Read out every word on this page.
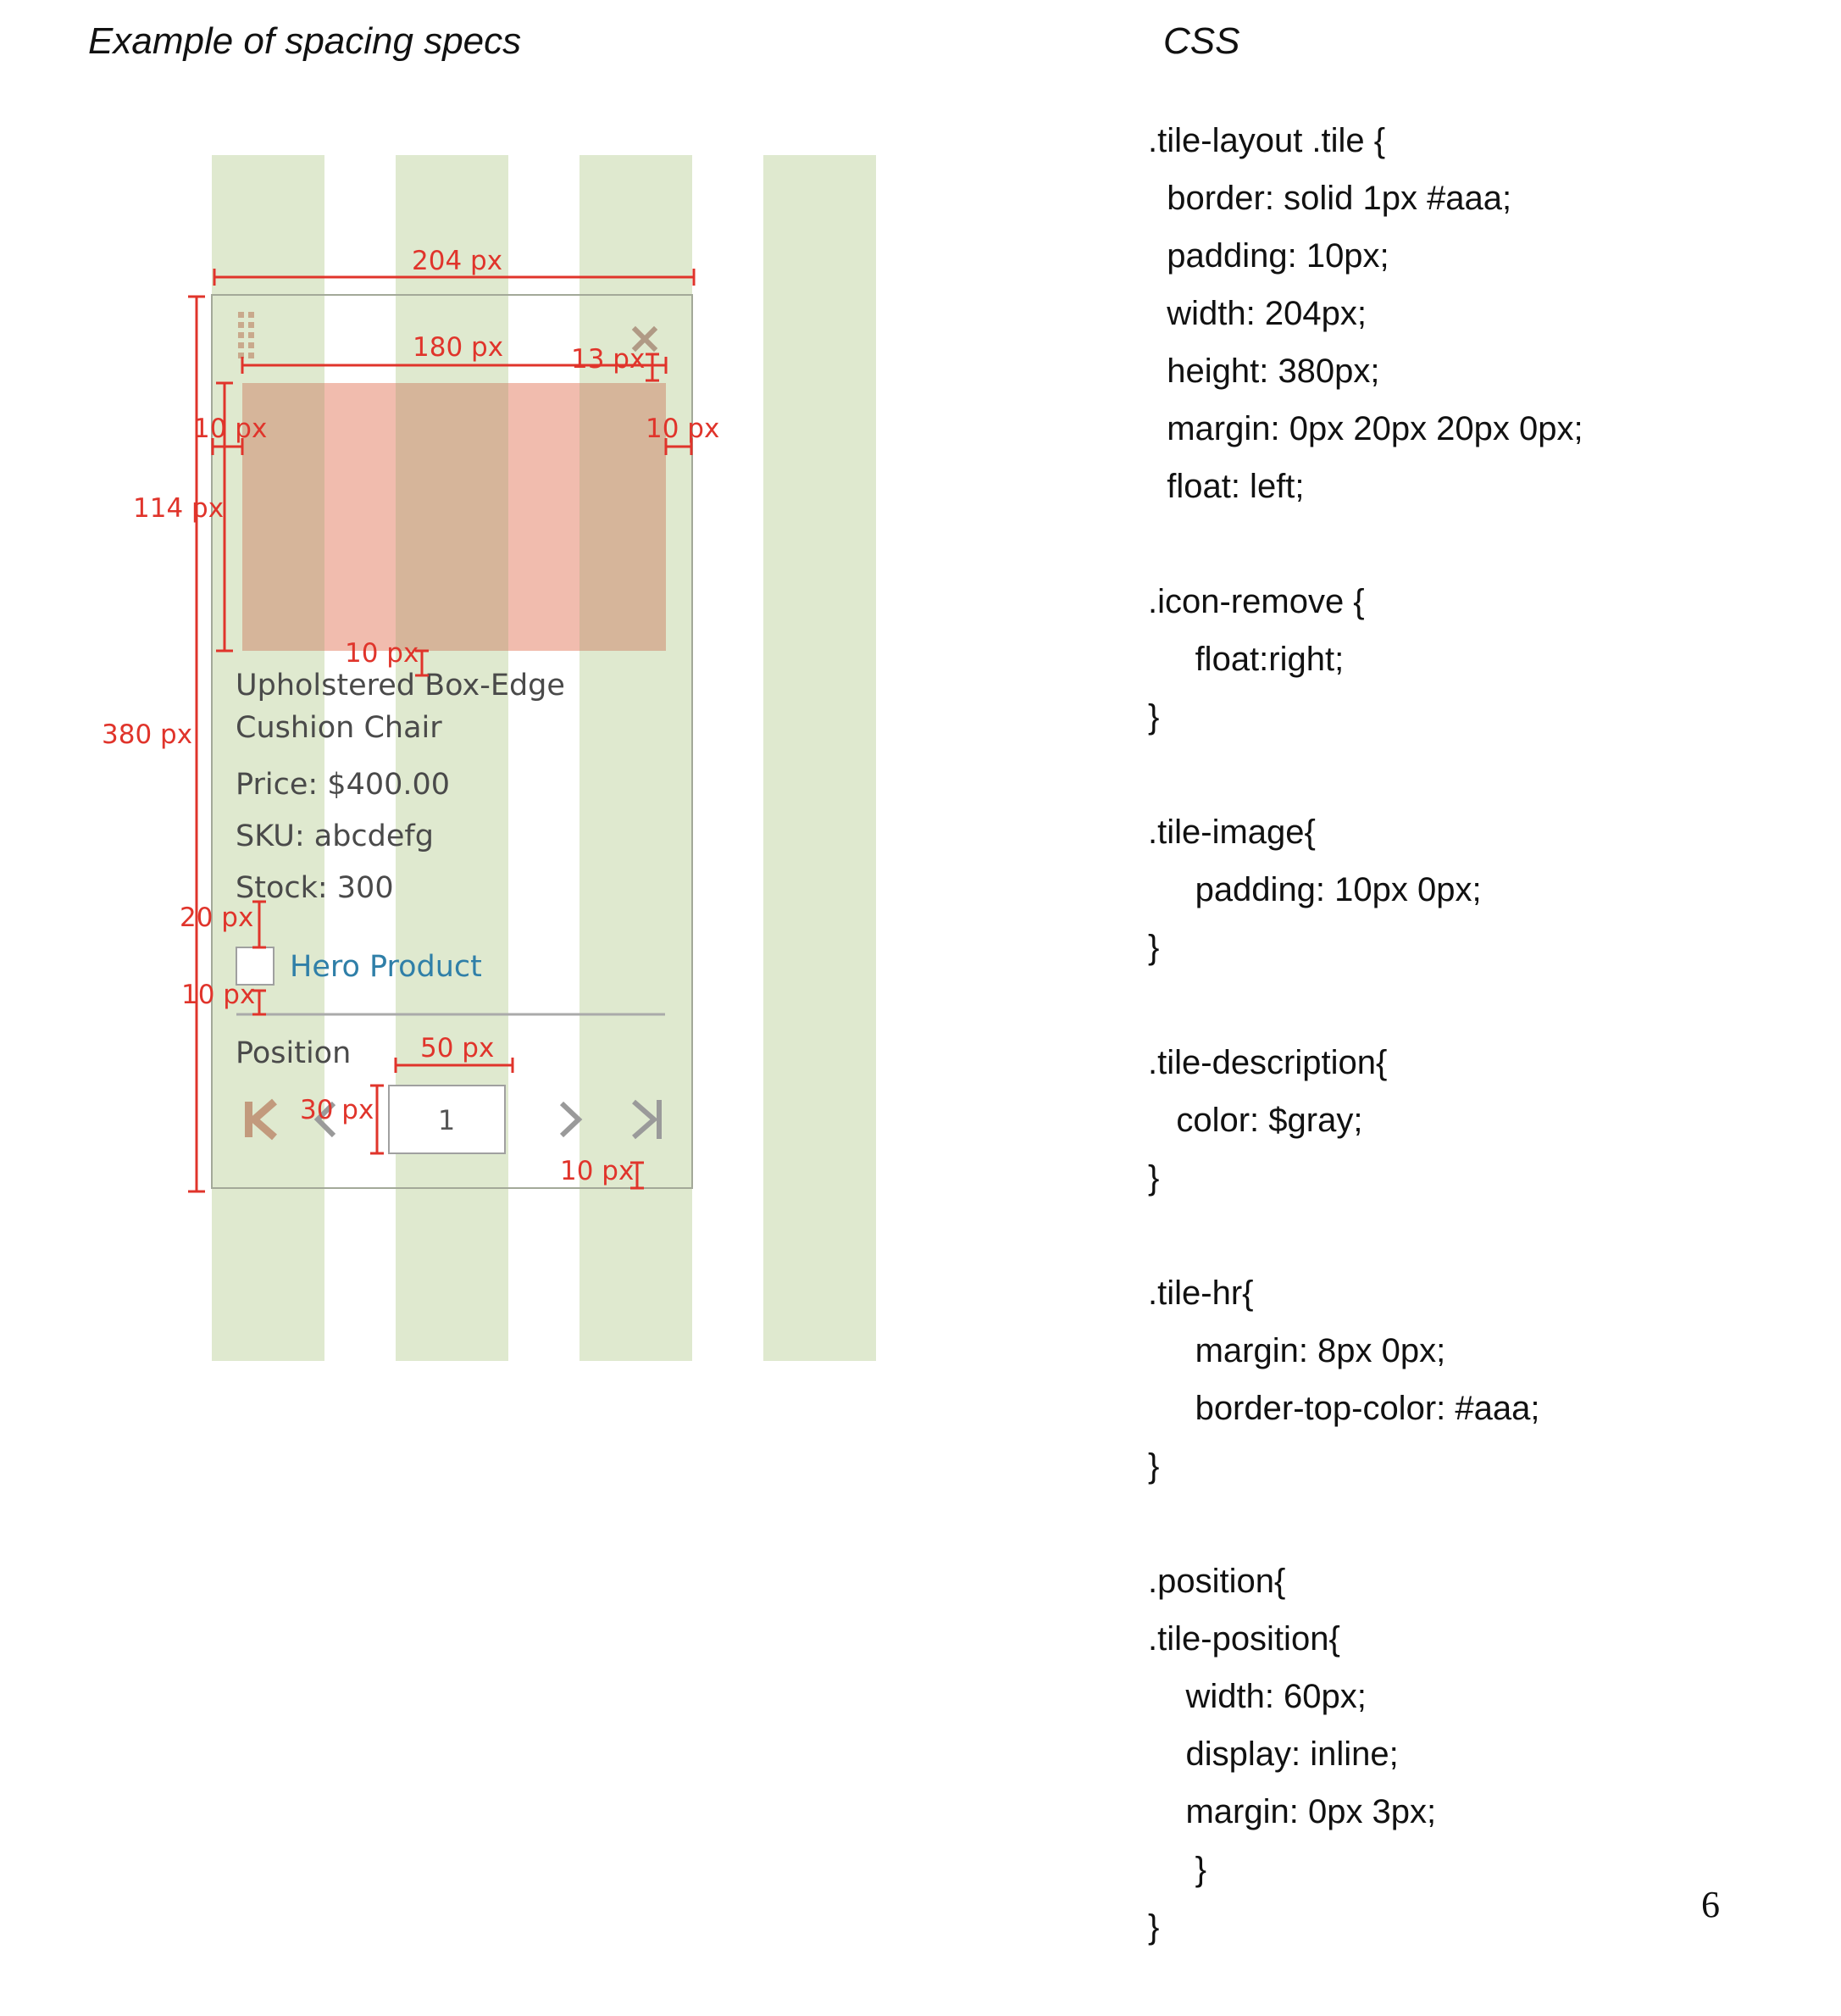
Example of spacing specs	CSS
Upholstered Box-Edge
Cushion Chair
Price: $400.00
SKU: abcdefg
Stock: 300
Hero Product
Position
1
204 px
180 px	13 px
10 px	10 px
114 px
380 px
10 px
20 px
10 px
50 px
30 px
10 px
.tile-layout .tile {
border: solid 1px #aaa;
padding: 10px;
width: 204px;
height: 380px;
margin: 0px 20px 20px 0px;
float: left;
.icon-remove {
float:right;
}
.tile-image{
padding: 10px 0px;
}
.tile-description{
color: $gray;
}
.tile-hr{
margin: 8px 0px;
border-top-color: #aaa;
}
.position{
.tile-position{
width: 60px;
display: inline;
margin: 0px 3px;
}
}
6
